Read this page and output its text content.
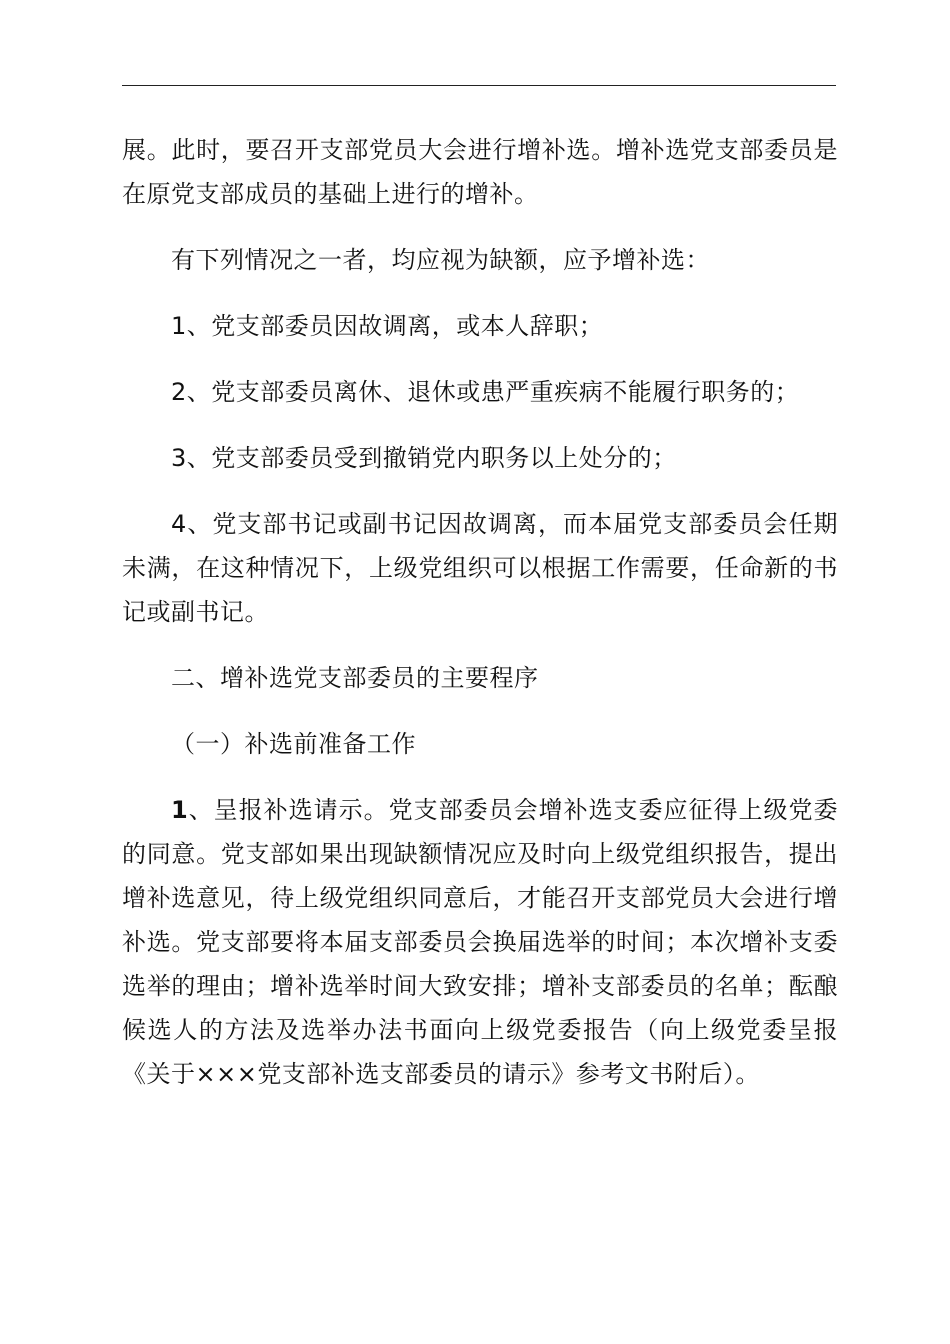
展。此时，要召开支部党员大会进行增补选。增补选党支部委员是在原党支部成员的基础上进行的增补。

有下列情况之一者，均应视为缺额，应予增补选：

1、党支部委员因故调离，或本人辞职；

2、党支部委员离休、退休或患严重疾病不能履行职务的；

3、党支部委员受到撤销党内职务以上处分的；

4、党支部书记或副书记因故调离，而本届党支部委员会任期未满，在这种情况下，上级党组织可以根据工作需要，任命新的书记或副书记。

二、增补选党支部委员的主要程序

（一）补选前准备工作

1、呈报补选请示。党支部委员会增补选支委应征得上级党委的同意。党支部如果出现缺额情况应及时向上级党组织报告，提出增补选意见，待上级党组织同意后，才能召开支部党员大会进行增补选。党支部要将本届支部委员会换届选举的时间；本次增补支委选举的理由；增补选举时间大致安排；增补支部委员的名单；酝酿候选人的方法及选举办法书面向上级党委报告（向上级党委呈报《关于×××党支部补选支部委员的请示》参考文书附后）。
